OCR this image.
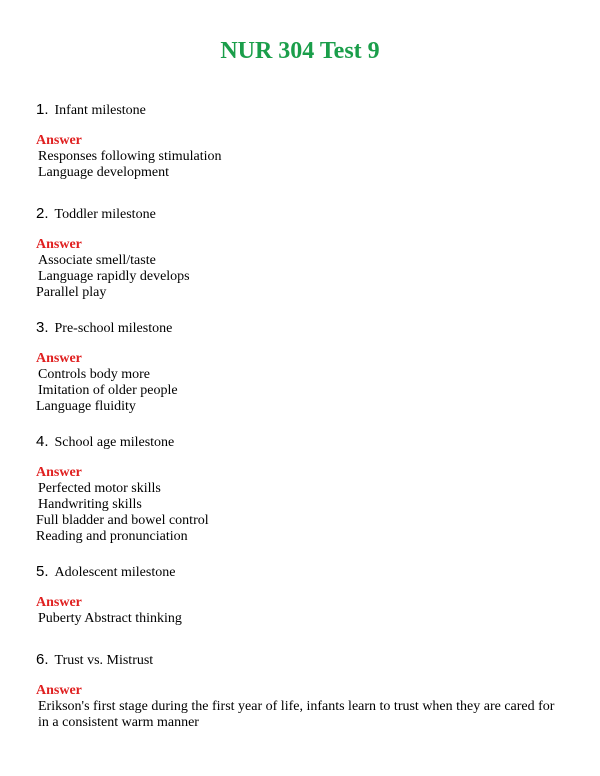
NUR 304 Test 9
1. Infant milestone
Answer
Responses following stimulation
Language development
2. Toddler milestone
Answer
Associate smell/taste
Language rapidly develops
Parallel play
3. Pre-school milestone
Answer
Controls body more
Imitation of older people
Language fluidity
4. School age milestone
Answer
Perfected motor skills
Handwriting skills
Full bladder and bowel control
Reading and pronunciation
5. Adolescent milestone
Answer
Puberty Abstract thinking
6. Trust vs. Mistrust
Answer
Erikson's first stage during the first year of life, infants learn to trust when they are cared for in a consistent warm manner
